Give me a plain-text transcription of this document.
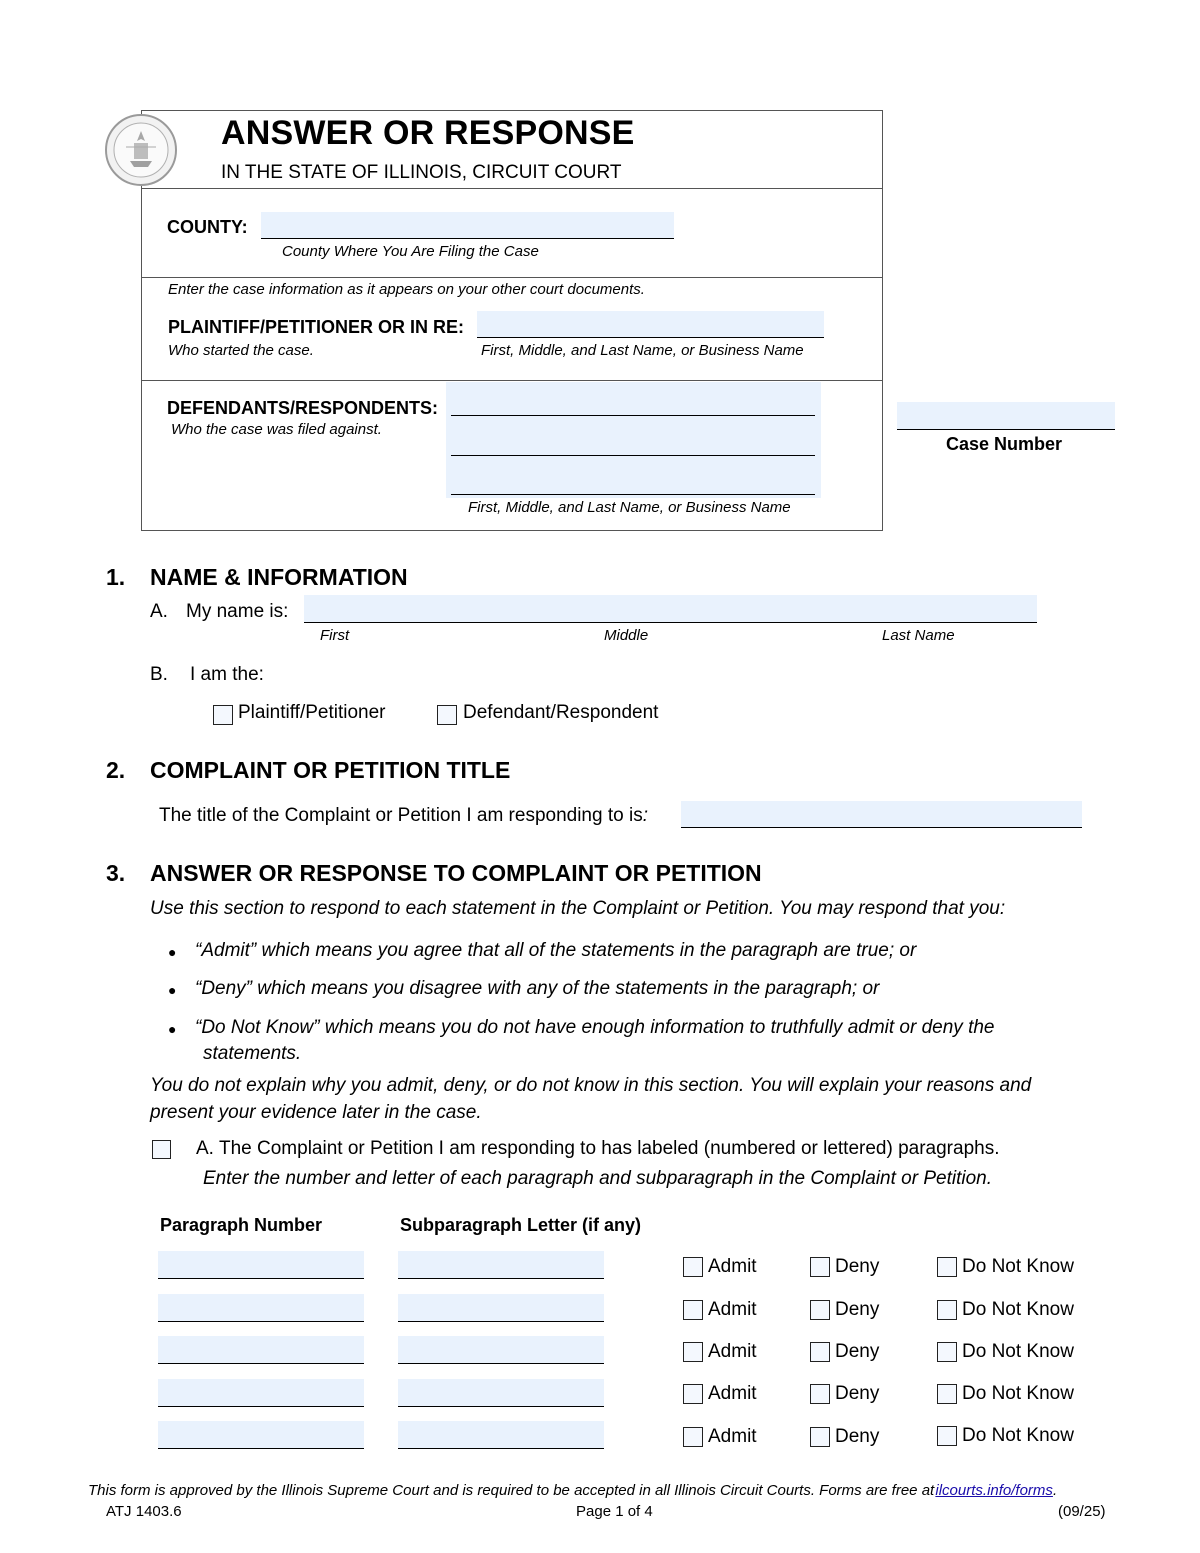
ANSWER OR RESPONSE
IN THE STATE OF ILLINOIS, CIRCUIT COURT
COUNTY:
County Where You Are Filing the Case
Enter the case information as it appears on your other court documents.
PLAINTIFF/PETITIONER OR IN RE:
Who started the case.	First, Middle, and Last Name, or Business Name
DEFENDANTS/RESPONDENTS:
Who the case was filed against.
First, Middle, and Last Name, or Business Name
Case Number
1. NAME & INFORMATION
A. My name is:
First	Middle	Last Name
B. I am the:
Plaintiff/Petitioner	Defendant/Respondent
2. COMPLAINT OR PETITION TITLE
The title of the Complaint or Petition I am responding to is:
3. ANSWER OR RESPONSE TO COMPLAINT OR PETITION
Use this section to respond to each statement in the Complaint or Petition. You may respond that you:
● “Admit” which means you agree that all of the statements in the paragraph are true; or
● “Deny” which means you disagree with any of the statements in the paragraph; or
● “Do Not Know” which means you do not have enough information to truthfully admit or deny the
statements.
You do not explain why you admit, deny, or do not know in this section. You will explain your reasons and
present your evidence later in the case.
A. The Complaint or Petition I am responding to has labeled (numbered or lettered) paragraphs.
Enter the number and letter of each paragraph and subparagraph in the Complaint or Petition.
Paragraph Number	Subparagraph Letter (if any)
Admit	Deny	Do Not Know
Admit	Deny	Do Not Know
Admit	Deny	Do Not Know
Admit	Deny	Do Not Know
Admit	Deny	Do Not Know
This form is approved by the Illinois Supreme Court and is required to be accepted in all Illinois Circuit Courts. Forms are free at ilcourts.info/forms.
ATJ 1403.6	Page 1 of 4	(09/25)
